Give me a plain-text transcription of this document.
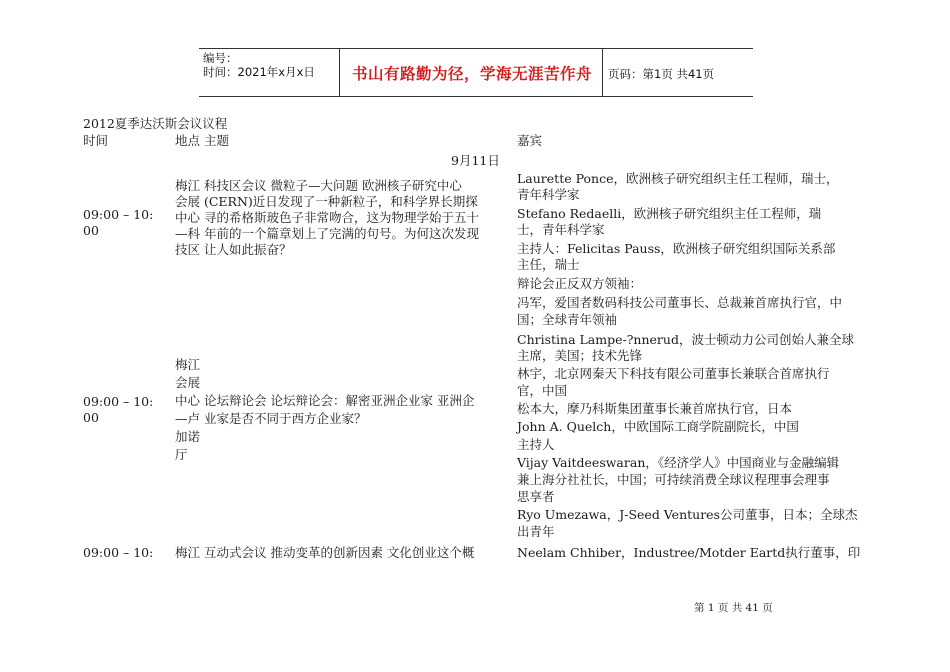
编号：
时间：2021年x月x日 书山有路勤为径，学海无涯苦作舟 页码：第1页 共41页
2012夏季达沃斯会议议程
时间	地点 主题	嘉宾
9月11日
09:00 – 10:
00
梅江 科技区会议 微粒子—大问题 欧洲核子研究中心
会展 (CERN)近日发现了一种新粒子，和科学界长期探
中心 寻的希格斯玻色子非常吻合，这为物理学始于五十
—科 年前的一个篇章划上了完满的句号。为何这次发现
技区 让人如此振奋？
09:00 – 10:
00
梅江
会展
中心 论坛辩论会 论坛辩论会：解密亚洲企业家 亚洲企
—卢 业家是否不同于西方企业家？
加诺
厅
09:00 – 10: 梅江 互动式会议 推动变革的创新因素 文化创业这个概
Laurette Ponce，欧洲核子研究组织主任工程师，瑞士，
青年科学家
Stefano Redaelli，欧洲核子研究组织主任工程师，瑞
士，青年科学家
主持人：Felicitas Pauss，欧洲核子研究组织国际关系部
主任，瑞士
辩论会正反双方领袖：
冯军，爱国者数码科技公司董事长、总裁兼首席执行官，中
国；全球青年领袖
Christina Lampe-?nnerud，波士顿动力公司创始人兼全球
主席，美国；技术先锋
林宇，北京网秦天下科技有限公司董事长兼联合首席执行
官，中国
松本大，摩乃科斯集团董事长兼首席执行官，日本
John A. Quelch，中欧国际工商学院副院长，中国
主持人
Vijay Vaitdeeswaran，《经济学人》中国商业与金融编辑
兼上海分社社长，中国；可持续消费全球议程理事会理事
思享者
Ryo Umezawa，J-Seed Ventures公司董事，日本；全球杰
出青年
Neelam Chhiber，Industree/Motder Eartd执行董事，印
第 1 页 共 41 页
